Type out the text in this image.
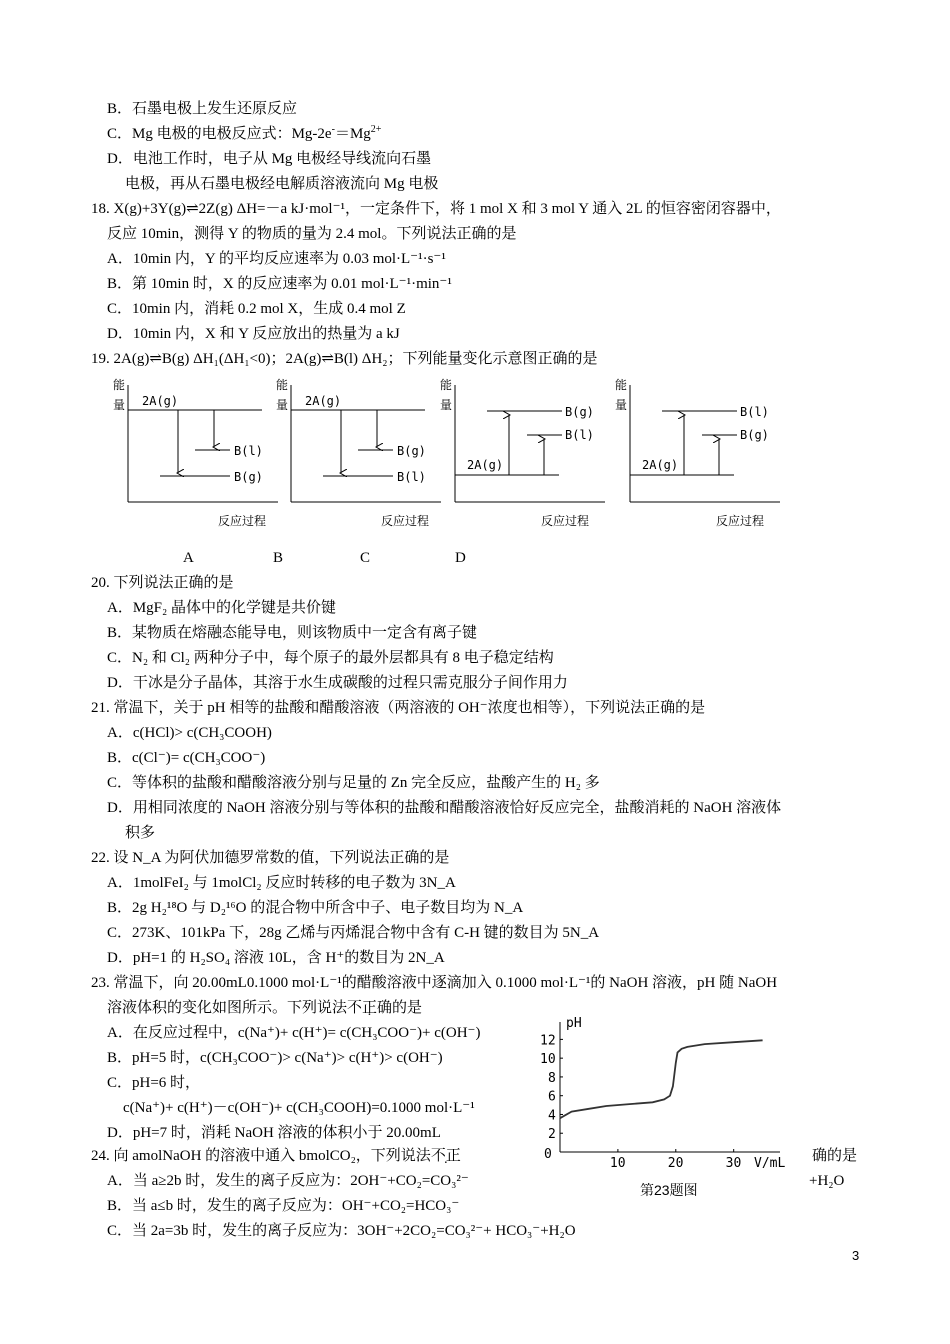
B．石墨电极上发生还原反应
C．Mg 电极的电极反应式：$Mg-2e^-=Mg^{2+}$
D．电池工作时，电子从 Mg 电极经导线流向石墨
电极，再从石墨电极经电解质溶液流向 Mg 电极
18. X(g)+3Y(g)⇌2Z(g) ΔH=－a kJ·mol⁻¹，一定条件下，将 1 mol X 和 3 mol Y 通入 2L 的恒容密闭容器中，
反应 10min，测得 Y 的物质的量为 2.4 mol。下列说法正确的是
A．10min 内，Y 的平均反应速率为 0.03 mol·L⁻¹·s⁻¹
B．第 10min 时，X 的反应速率为 0.01 mol·L⁻¹·min⁻¹
C．10min 内，消耗 0.2 mol X，生成 0.4 mol Z
D．10min 内，X 和 Y 反应放出的热量为 a kJ
19. 2A(g)⇌B(g) ΔH₁(ΔH₁<0)；2A(g)⇌B(l) ΔH₂；下列能量变化示意图正确的是
能
量 2A(g)
B(l)
B(g)
反应过程
能
量 2A(g)
B(g)
B(l)
反应过程
能
量
2A(g)
B(g)
B(l)
反应过程
能
量
2A(g)
B(l)
B(g)
反应过程
A	B	C	D
20. 下列说法正确的是
A．MgF₂ 晶体中的化学键是共价键
B．某物质在熔融态能导电，则该物质中一定含有离子键
C．N₂ 和 Cl₂ 两种分子中，每个原子的最外层都具有 8 电子稳定结构
D．干冰是分子晶体，其溶于水生成碳酸的过程只需克服分子间作用力
21. 常温下，关于 pH 相等的盐酸和醋酸溶液（两溶液的 OH⁻浓度也相等），下列说法正确的是
A．c(HCl)> c(CH₃COOH)
B．c(Cl⁻)= c(CH₃COO⁻)
C．等体积的盐酸和醋酸溶液分别与足量的 Zn 完全反应，盐酸产生的 H₂ 多
D．用相同浓度的 NaOH 溶液分别与等体积的盐酸和醋酸溶液恰好反应完全，盐酸消耗的 NaOH 溶液体
积多
22. 设 N_A 为阿伏加德罗常数的值，下列说法正确的是
A．1molFeI₂ 与 1molCl₂ 反应时转移的电子数为 3N_A
B．2g H₂¹⁸O 与 D₂¹⁶O 的混合物中所含中子、电子数目均为 N_A
C．273K、101kPa 下，28g 乙烯与丙烯混合物中含有 C-H 键的数目为 5N_A
D．pH=1 的 H₂SO₄ 溶液 10L，含 H⁺的数目为 2N_A
23. 常温下，向 20.00mL0.1000 mol·L⁻¹的醋酸溶液中逐滴加入 0.1000 mol·L⁻¹的 NaOH 溶液，pH 随 NaOH
溶液体积的变化如图所示。下列说法不正确的是
A．在反应过程中，c(Na⁺)+ c(H⁺)= c(CH₃COO⁻)+ c(OH⁻)
B．pH=5 时，c(CH₃COO⁻)> c(Na⁺)> c(H⁺)> c(OH⁻)
C．pH=6 时，
c(Na⁺)+ c(H⁺)－c(OH⁻)+ c(CH₃COOH)=0.1000 mol·L⁻¹
D．pH=7 时，消耗 NaOH 溶液的体积小于 20.00mL
pH
V/mL
0
10	20	30
2
4
6
8
10
12
第23题图
24. 向 amolNaOH 的溶液中通入 bmolCO₂，下列说法不正	确的是
A．当 a≥2b 时，发生的离子反应为：2OH⁻+CO₂=CO₃²⁻	+H₂O
B．当 a≤b 时，发生的离子反应为：OH⁻+CO₂=HCO₃⁻
C．当 2a=3b 时，发生的离子反应为：3OH⁻+2CO₂=CO₃²⁻+ HCO₃⁻+H₂O
3
